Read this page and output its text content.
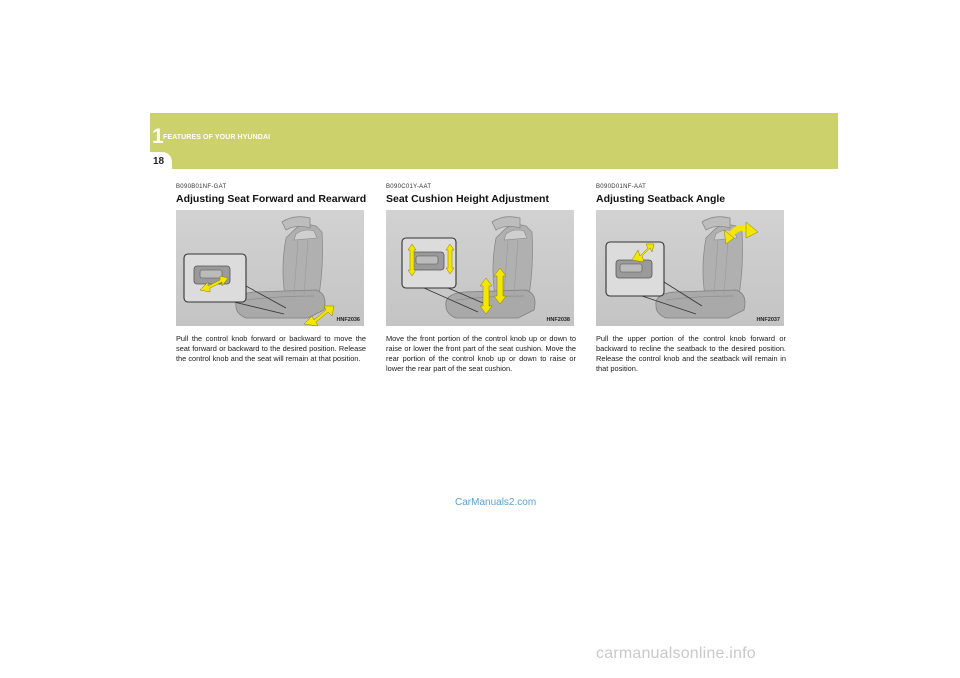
1 FEATURES OF YOUR HYUNDAI
18
B090B01NF-GAT
Adjusting Seat Forward and Rearward
HNF2036
Pull the control knob forward or backward to move the seat forward or backward to the desired position. Release the control knob and the seat will remain at that position.
B090C01Y-AAT
Seat Cushion Height Adjustment
HNF2038
Move the front portion of the control knob up or down to raise or lower the front part of the seat cushion. Move the rear portion of the control knob up or down to raise or lower the rear part of the seat cushion.
B090D01NF-AAT
Adjusting Seatback Angle
HNF2037
Pull the upper portion of the control knob forward or backward to recline the seatback to the desired position. Release the control knob and the seatback will remain in that position.
CarManuals2.com
carmanualsonline.info
